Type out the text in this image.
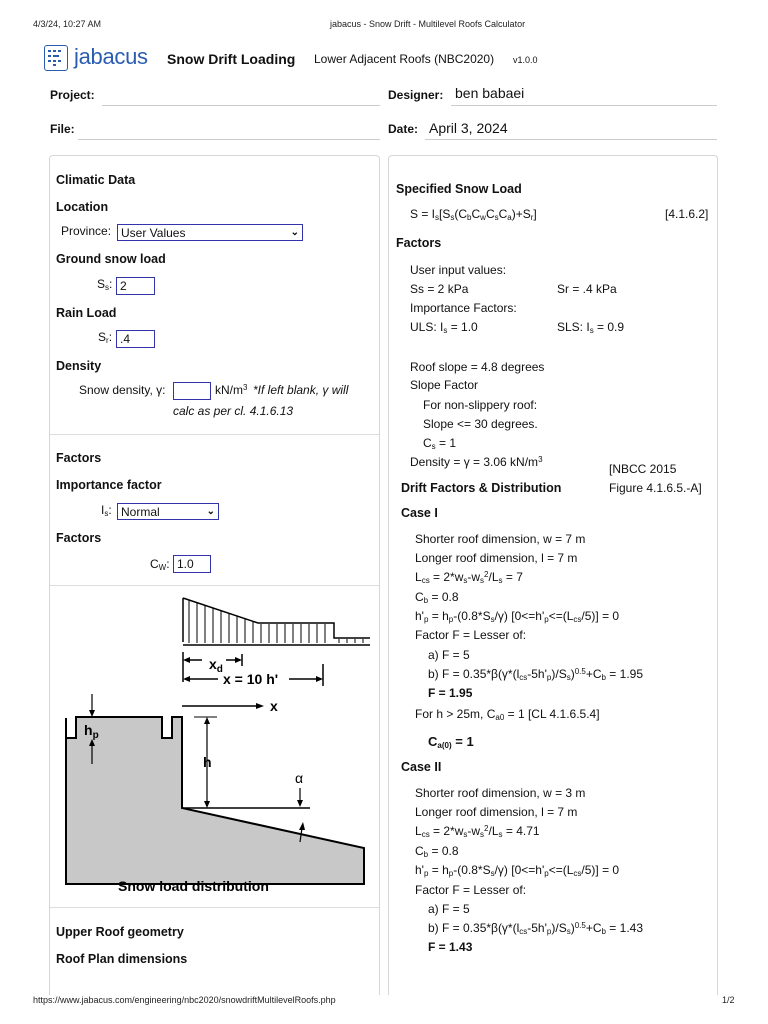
4/3/24, 10:27 AM	jabacus - Snow Drift - Multilevel Roofs Calculator
jabacus Snow Drift Loading Lower Adjacent Roofs (NBC2020) v1.0.0
Project:	Designer: ben babaei
File:	Date: April 3, 2024
Climatic Data
Location
Province: User Values	⌄
Ground snow load
$S_s$: 2
Rain Load
$S_r$: .4
Density
Snow density, γ:	$kN/m^3$ *If left blank, γ will
calc as per cl. 4.1.6.13
Factors
Importance factor
$I_s$: Normal	⌄
Factors
$C_W$: 1.0
$x_d$
x = 10 h'
x
$h_p$
h
α
Snow load distribution
Upper Roof geometry
Roof Plan dimensions
Specified Snow Load
$S = I_s[S_s(C_bC_wC_sC_a)+S_r]$	[4.1.6.2]
Factors
User input values:
Ss = 2 kPa	Sr = .4 kPa
Importance Factors:
ULS: $I_s = 1.0$	SLS: $I_s = 0.9$
Roof slope = 4.8 degrees
Slope Factor
For non-slippery roof:
Slope <= 30 degrees.
$C_s = 1$
Density = γ = 3.06 $kN/m^3$
[NBCC 2015
Figure 4.1.6.5.-A]
Drift Factors & Distribution
Case I
Shorter roof dimension, w = 7 m
Longer roof dimension, l = 7 m
$L_{cs} = 2*w_s-w_s^2/L_s = 7$
$C_b = 0.8$
$h'_p = h_p-(0.8*S_s/\gamma) [0<=h'_p<=(L_{cs}/5)] = 0$
Factor F = Lesser of:
a) F = 5
b) $F = 0.35*\beta(\gamma*(l_{cs}-5h'_p)/S_s)^{0.5}+C_b = 1.95$
F = 1.95
For h > 25m, $C_{a0} = 1$ [CL 4.1.6.5.4]
$C_{a(0)} = 1$
Case II
Shorter roof dimension, w = 3 m
Longer roof dimension, l = 7 m
$L_{cs} = 2*w_s-w_s^2/L_s = 4.71$
$C_b = 0.8$
$h'_p = h_p-(0.8*S_s/\gamma) [0<=h'_p<=(L_{cs}/5)] = 0$
Factor F = Lesser of:
a) F = 5
b) $F = 0.35*\beta(\gamma*(l_{cs}-5h'_p)/S_s)^{0.5}+C_b = 1.43$
F = 1.43
https://www.jabacus.com/engineering/nbc2020/snowdriftMultilevelRoofs.php	1/2
